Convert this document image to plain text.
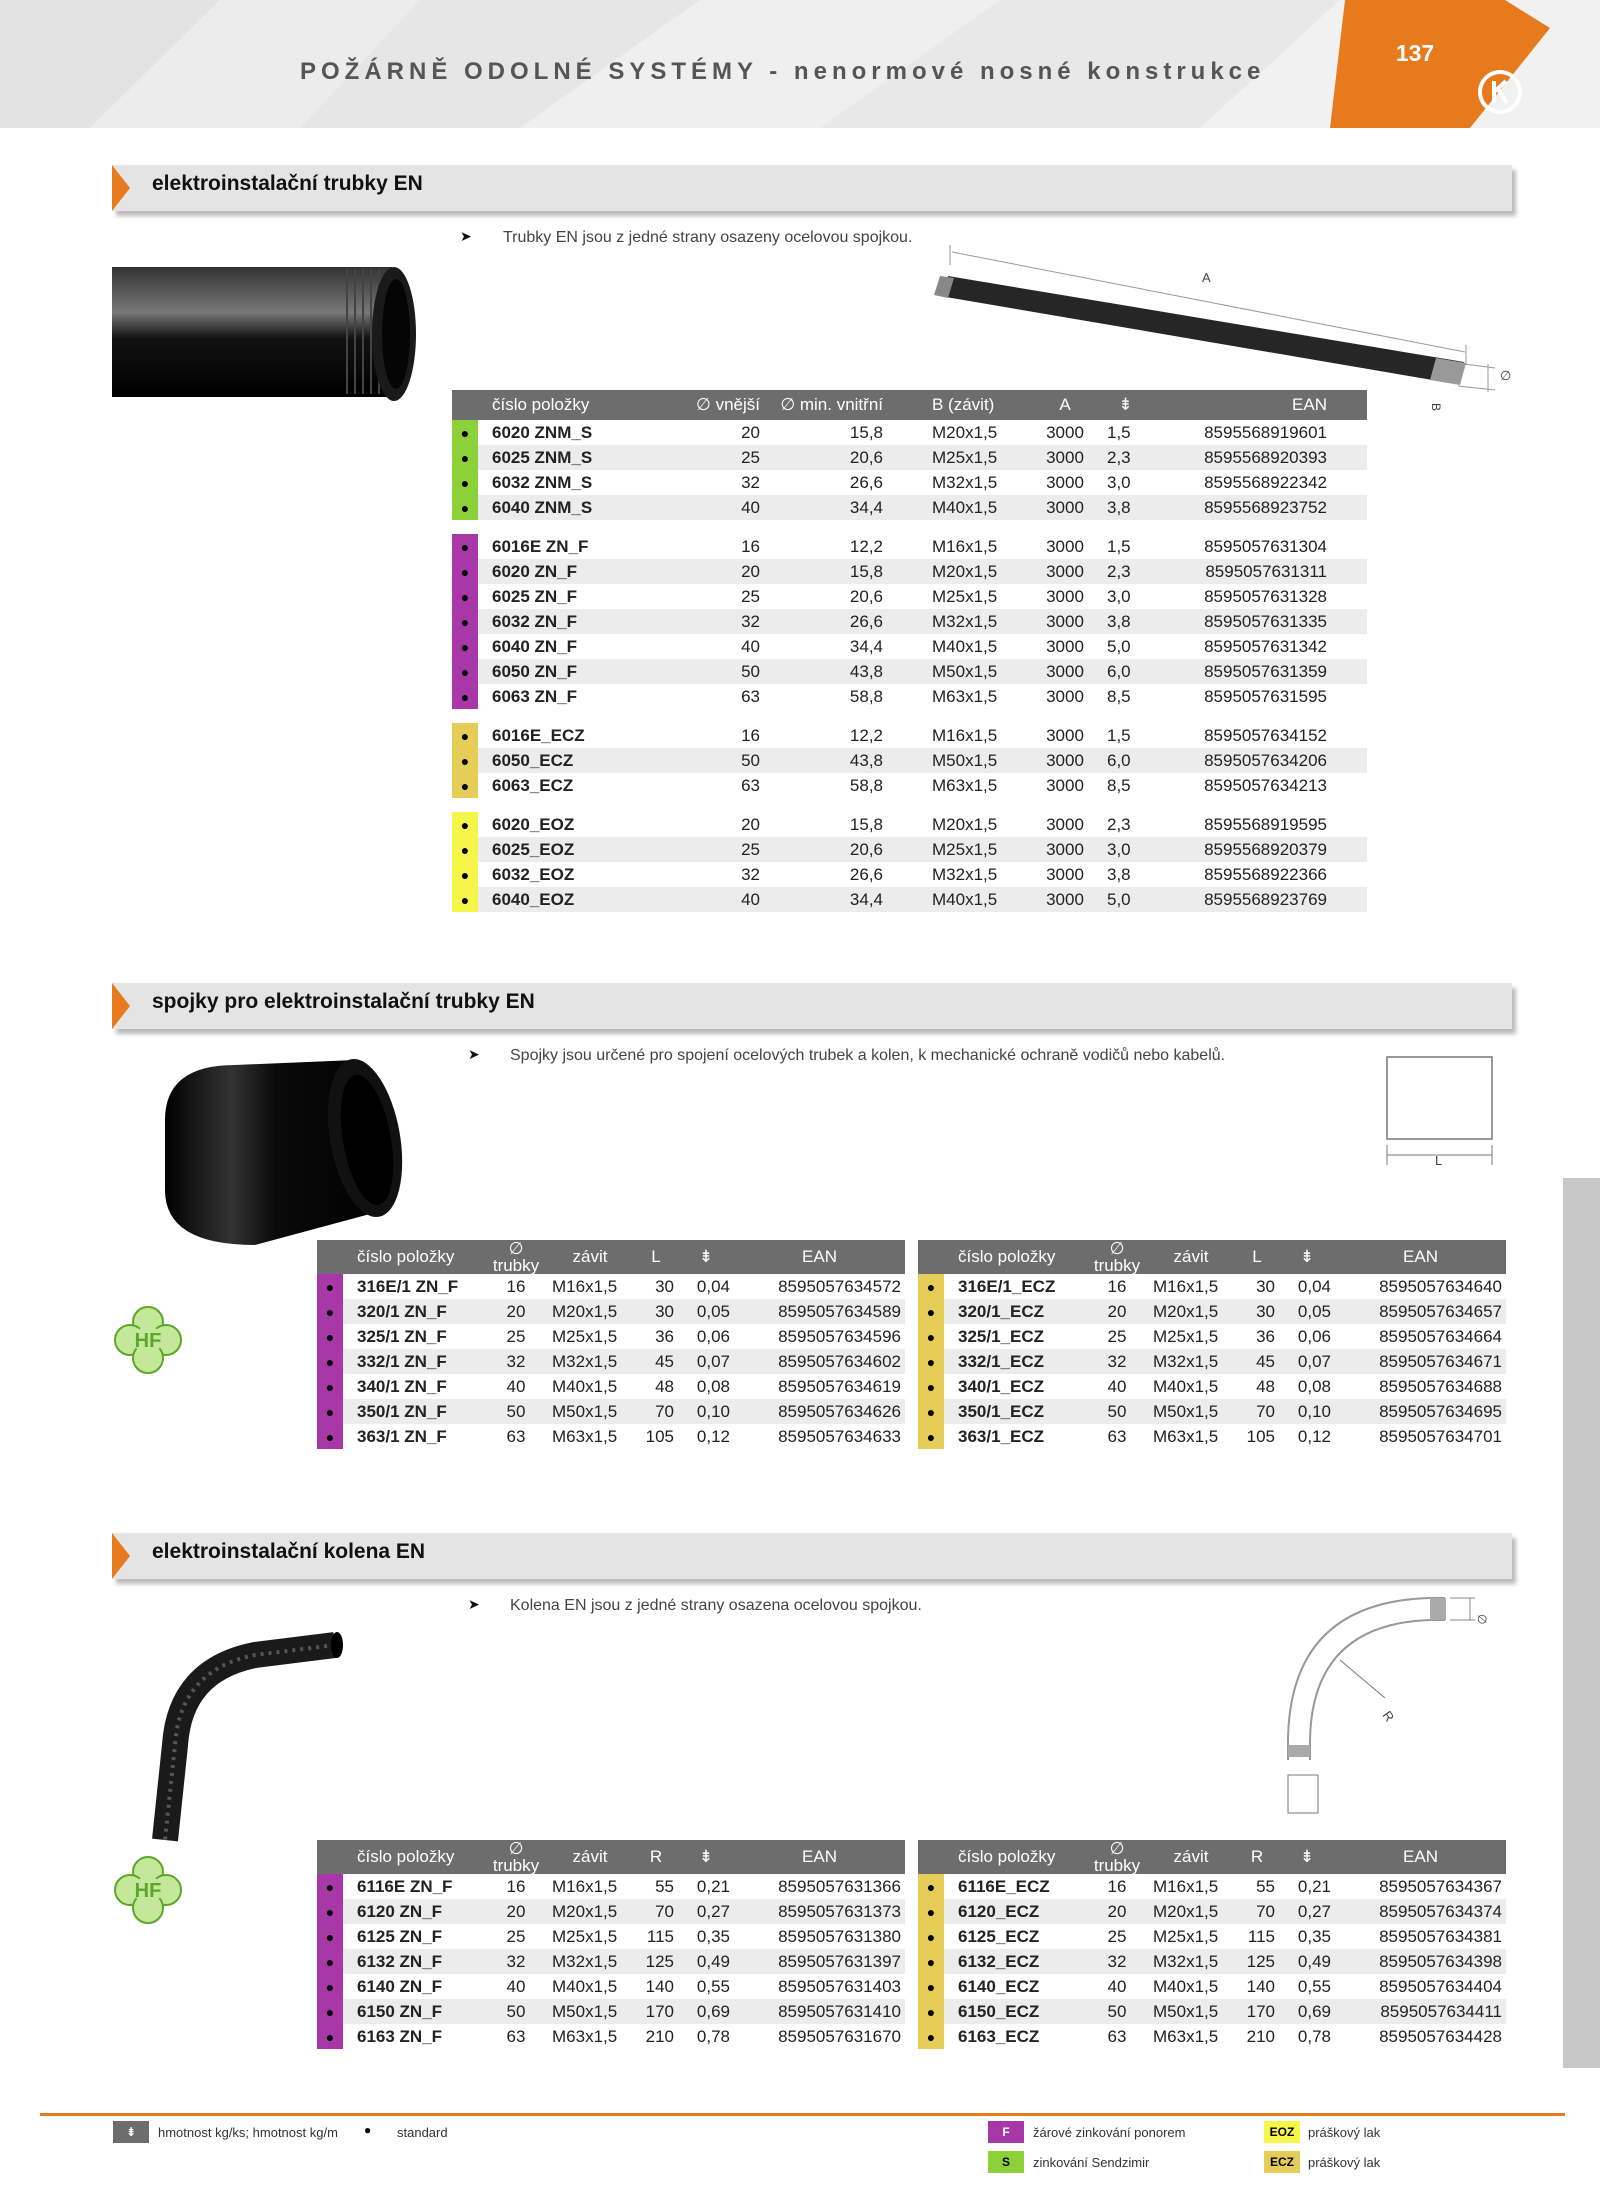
POŽÁRNĚ ODOLNÉ SYSTÉMY - nenormové nosné konstrukce
137
elektroinstalační trubky EN
➤ Trubky EN jsou z jedné strany osazeny ocelovou spojkou.
A
∅
B
	číslo položky	∅ vnější	∅ min. vnitřní	B (závit)	A	⇟	EAN
●	6020 ZNM_S	20	15,8	M20x1,5	3000	1,5	8595568919601
●	6025 ZNM_S	25	20,6	M25x1,5	3000	2,3	8595568920393
●	6032 ZNM_S	32	26,6	M32x1,5	3000	3,0	8595568922342
●	6040 ZNM_S	40	34,4	M40x1,5	3000	3,8	8595568923752

●	6016E ZN_F	16	12,2	M16x1,5	3000	1,5	8595057631304
●	6020 ZN_F	20	15,8	M20x1,5	3000	2,3	8595057631311
●	6025 ZN_F	25	20,6	M25x1,5	3000	3,0	8595057631328
●	6032 ZN_F	32	26,6	M32x1,5	3000	3,8	8595057631335
●	6040 ZN_F	40	34,4	M40x1,5	3000	5,0	8595057631342
●	6050 ZN_F	50	43,8	M50x1,5	3000	6,0	8595057631359
●	6063 ZN_F	63	58,8	M63x1,5	3000	8,5	8595057631595

●	6016E_ECZ	16	12,2	M16x1,5	3000	1,5	8595057634152
●	6050_ECZ	50	43,8	M50x1,5	3000	6,0	8595057634206
●	6063_ECZ	63	58,8	M63x1,5	3000	8,5	8595057634213

●	6020_EOZ	20	15,8	M20x1,5	3000	2,3	8595568919595
●	6025_EOZ	25	20,6	M25x1,5	3000	3,0	8595568920379
●	6032_EOZ	32	26,6	M32x1,5	3000	3,8	8595568922366
●	6040_EOZ	40	34,4	M40x1,5	3000	5,0	8595568923769
spojky pro elektroinstalační trubky EN
➤ Spojky jsou určené pro spojení ocelových trubek a kolen, k mechanické ochraně vodičů nebo kabelů.
L
HF
	číslo položky	∅
trubky	závit	L	⇟	EAN
●	316E/1 ZN_F	16	M16x1,5	30	0,04	8595057634572
●	320/1 ZN_F	20	M20x1,5	30	0,05	8595057634589
●	325/1 ZN_F	25	M25x1,5	36	0,06	8595057634596
●	332/1 ZN_F	32	M32x1,5	45	0,07	8595057634602
●	340/1 ZN_F	40	M40x1,5	48	0,08	8595057634619
●	350/1 ZN_F	50	M50x1,5	70	0,10	8595057634626
●	363/1 ZN_F	63	M63x1,5	105	0,12	8595057634633
	číslo položky	∅
trubky	závit	L	⇟	EAN
●	316E/1_ECZ	16	M16x1,5	30	0,04	8595057634640
●	320/1_ECZ	20	M20x1,5	30	0,05	8595057634657
●	325/1_ECZ	25	M25x1,5	36	0,06	8595057634664
●	332/1_ECZ	32	M32x1,5	45	0,07	8595057634671
●	340/1_ECZ	40	M40x1,5	48	0,08	8595057634688
●	350/1_ECZ	50	M50x1,5	70	0,10	8595057634695
●	363/1_ECZ	63	M63x1,5	105	0,12	8595057634701
elektroinstalační kolena EN
➤ Kolena EN jsou z jedné strany osazena ocelovou spojkou.
R
∅
HF
	číslo položky	∅
trubky	závit	R	⇟	EAN
●	6116E ZN_F	16	M16x1,5	55	0,21	8595057631366
●	6120 ZN_F	20	M20x1,5	70	0,27	8595057631373
●	6125 ZN_F	25	M25x1,5	115	0,35	8595057631380
●	6132 ZN_F	32	M32x1,5	125	0,49	8595057631397
●	6140 ZN_F	40	M40x1,5	140	0,55	8595057631403
●	6150 ZN_F	50	M50x1,5	170	0,69	8595057631410
●	6163 ZN_F	63	M63x1,5	210	0,78	8595057631670
	číslo položky	∅
trubky	závit	R	⇟	EAN
●	6116E_ECZ	16	M16x1,5	55	0,21	8595057634367
●	6120_ECZ	20	M20x1,5	70	0,27	8595057634374
●	6125_ECZ	25	M25x1,5	115	0,35	8595057634381
●	6132_ECZ	32	M32x1,5	125	0,49	8595057634398
●	6140_ECZ	40	M40x1,5	140	0,55	8595057634404
●	6150_ECZ	50	M50x1,5	170	0,69	8595057634411
●	6163_ECZ	63	M63x1,5	210	0,78	8595057634428
⇟	hmotnost kg/ks; hmotnost kg/m ● standard	F	žárové zinkování ponorem
S	zinkování Sendzimir
EOZ	práškový lak
ECZ	práškový lak
